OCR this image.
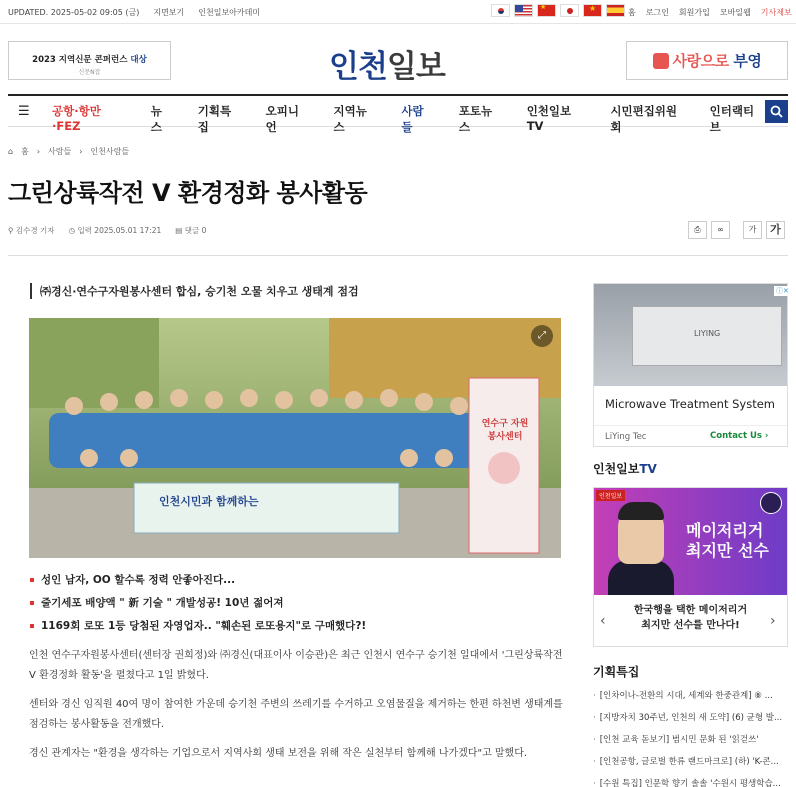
UPDATED. 2025-05-02 09:05 (금) 지면보기 인천일보아카데미 ★ ★	홈 로그인 회원가입 모바일웹 기사제보
2023 지역신문 콘퍼런스 대상
신문N잡	인천일보	사랑으로 부영
☰ 공항·항만·FEZ
뉴스
기획특집
오피니언
지역뉴스
사람들
포토뉴스
인천일보TV
시민편집위원회
인터랙티브
⌂ 홈 › 사람들 › 인천사람들
그린상륙작전 V 환경정화 봉사활동
⚲ 김수경 기자 ◷ 입력 2025.05.01 17:21 ▤ 댓글 0	⎙	∞	가	가
㈜경신·연수구자원봉사센터 합심, 승기천 오물 치우고 생태계 점검
인천시민과 함께하는
연수구 자원봉사센터
⤢
성인 남자, OO 할수록 정력 안좋아진다...
줄기세포 배양액 " 新 기술 " 개발성공! 10년 젊어져
1169회 로또 1등 당첨된 자영업자.. "훼손된 로또용지"로 구매했다?!

인천 연수구자원봉사센터(센터장 권희정)와 ㈜경신(대표이사 이승관)은 최근 인천시 연수구 승기천 일대에서 '그린상륙작전 V 환경정화 활동'을 펼쳤다고 1일 밝혔다.

센터와 경신 임직원 40여 명이 참여한 가운데 승기천 주변의 쓰레기를 수거하고 오염물질을 제거하는 한편 하천변 생태계를 점검하는 봉사활동을 전개했다.

경신 관계자는 "환경을 생각하는 기업으로서 지역사회 생태 보전을 위해 작은 실천부터 함께해 나가겠다"고 말했다.

LIYING
ⓘ✕
Microwave Treatment System
LiYing Tec	Contact Us ›
인천일보TV
인천일보
메이저리거
최지만 선수
‹
한국행을 택한 메이저리거
최지만 선수를 만나다!	›
기획특집
· [인차이나-전환의 시대, 세계와 한중관계] ⑧ ...
· [지방자치 30주년, 인천의 새 도약] (6) 균형 발...
· [인천 교육 돋보기] 범시민 문화 된 '읽걷쓰'
· [인천공항, 글로벌 한류 랜드마크로] (하) 'K-콘...
· [수원 특집] 인문학 향기 솔솔 '수원시 평생학습...
